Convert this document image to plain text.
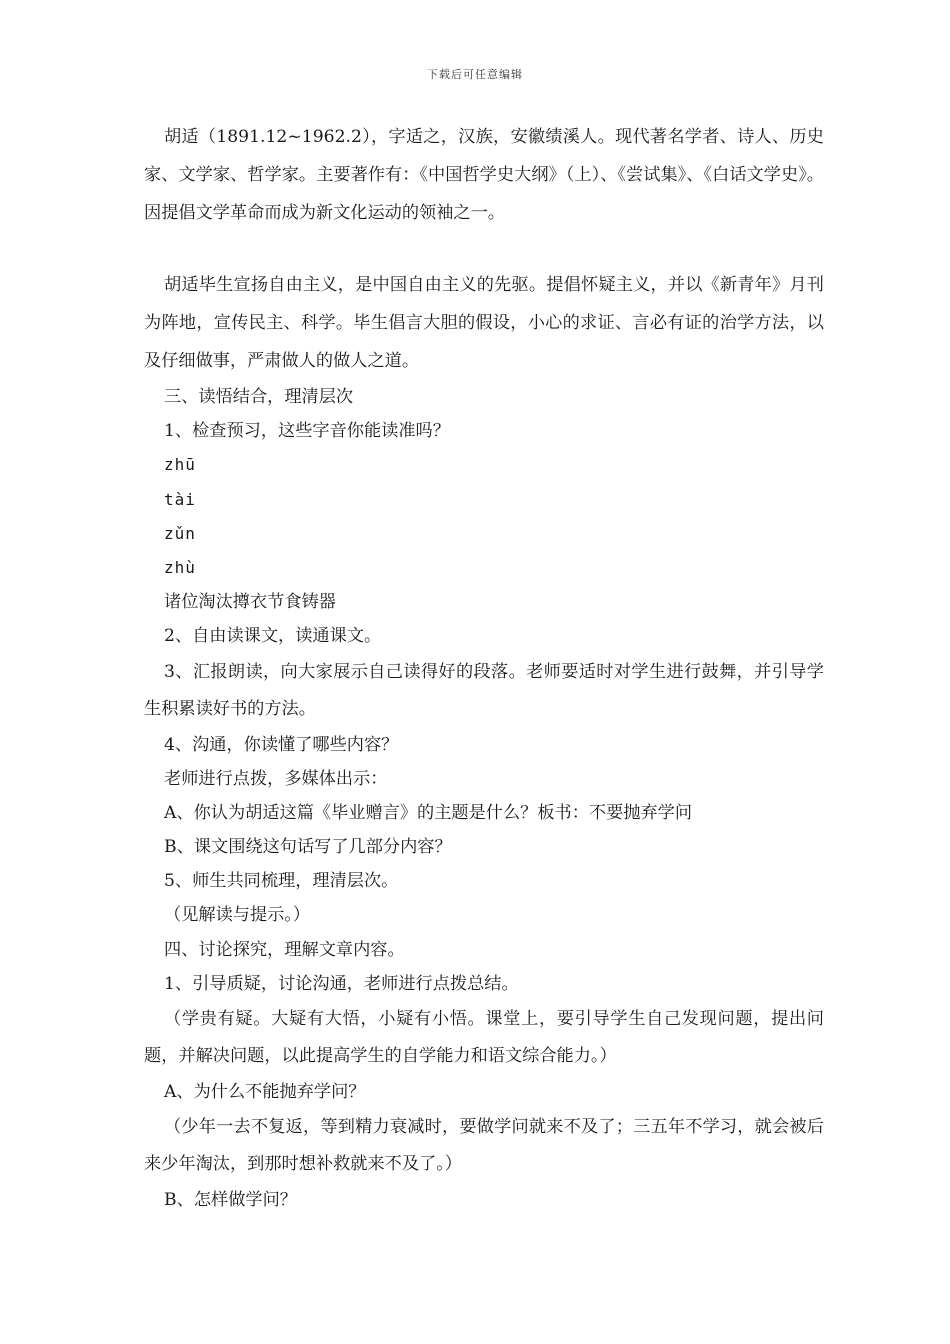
下载后可任意编辑

胡适（1891.12~1962.2），字适之，汉族，安徽绩溪人。现代著名学者、诗人、历史家、文学家、哲学家。主要著作有：《中国哲学史大纲》（上）、《尝试集》、《白话文学史》。因提倡文学革命而成为新文化运动的领袖之一。

胡适毕生宣扬自由主义，是中国自由主义的先驱。提倡怀疑主义，并以《新青年》月刊为阵地，宣传民主、科学。毕生倡言大胆的假设，小心的求证、言必有证的治学方法，以及仔细做事，严肃做人的做人之道。

三、读悟结合，理清层次
1、检查预习，这些字音你能读准吗？
zhū
tài
zǔn
zhù
诸位淘汰撙衣节食铸器
2、自由读课文，读通课文。

3、汇报朗读，向大家展示自己读得好的段落。老师要适时对学生进行鼓舞，并引导学生积累读好书的方法。

4、沟通，你读懂了哪些内容？
老师进行点拨，多媒体出示：
A、你认为胡适这篇《毕业赠言》的主题是什么？板书：不要抛弃学问
B、课文围绕这句话写了几部分内容？
5、师生共同梳理，理清层次。
（见解读与提示。）
四、讨论探究，理解文章内容。
1、引导质疑，讨论沟通，老师进行点拨总结。

（学贵有疑。大疑有大悟，小疑有小悟。课堂上，要引导学生自己发现问题，提出问题，并解决问题，以此提高学生的自学能力和语文综合能力。）

A、为什么不能抛弃学问？

（少年一去不复返，等到精力衰减时，要做学问就来不及了；三五年不学习，就会被后来少年淘汰，到那时想补救就来不及了。）

B、怎样做学问？
